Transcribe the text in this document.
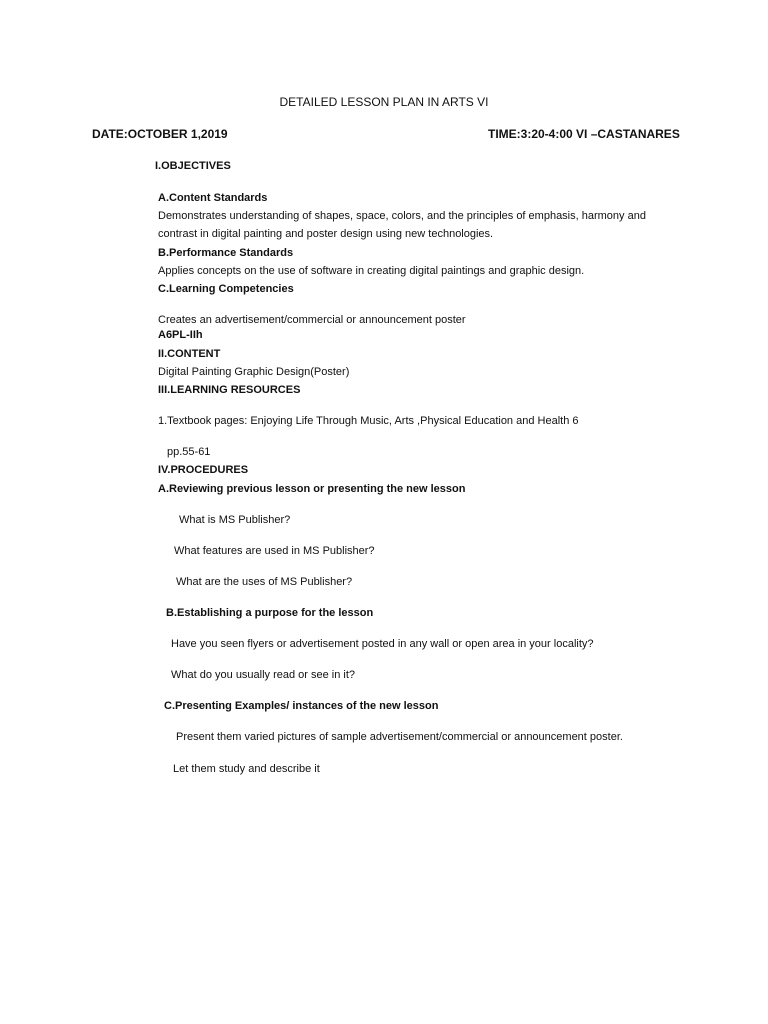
DETAILED LESSON PLAN IN ARTS VI
DATE:OCTOBER 1,2019	TIME:3:20-4:00 VI –CASTANARES
I.OBJECTIVES
A.Content Standards
Demonstrates understanding of shapes, space, colors, and the principles of emphasis, harmony and
contrast in digital painting and poster design using new technologies.
B.Performance Standards
Applies concepts on the use of software in creating digital paintings and graphic design.
C.Learning Competencies
Creates an advertisement/commercial or announcement poster
A6PL-IIh
II.CONTENT
Digital Painting Graphic Design(Poster)
III.LEARNING RESOURCES
1.Textbook pages: Enjoying Life Through Music, Arts ,Physical Education and Health 6
pp.55-61
IV.PROCEDURES
A.Reviewing previous lesson or presenting the new lesson
What is MS Publisher?
What features are used in MS Publisher?
What are the uses of MS Publisher?
B.Establishing a purpose for the lesson
Have you seen flyers or advertisement posted in any wall or open area in your locality?
What do you usually read or see in it?
C.Presenting Examples/ instances of the new lesson
Present them varied pictures of sample advertisement/commercial or announcement poster.
Let them study and describe it
